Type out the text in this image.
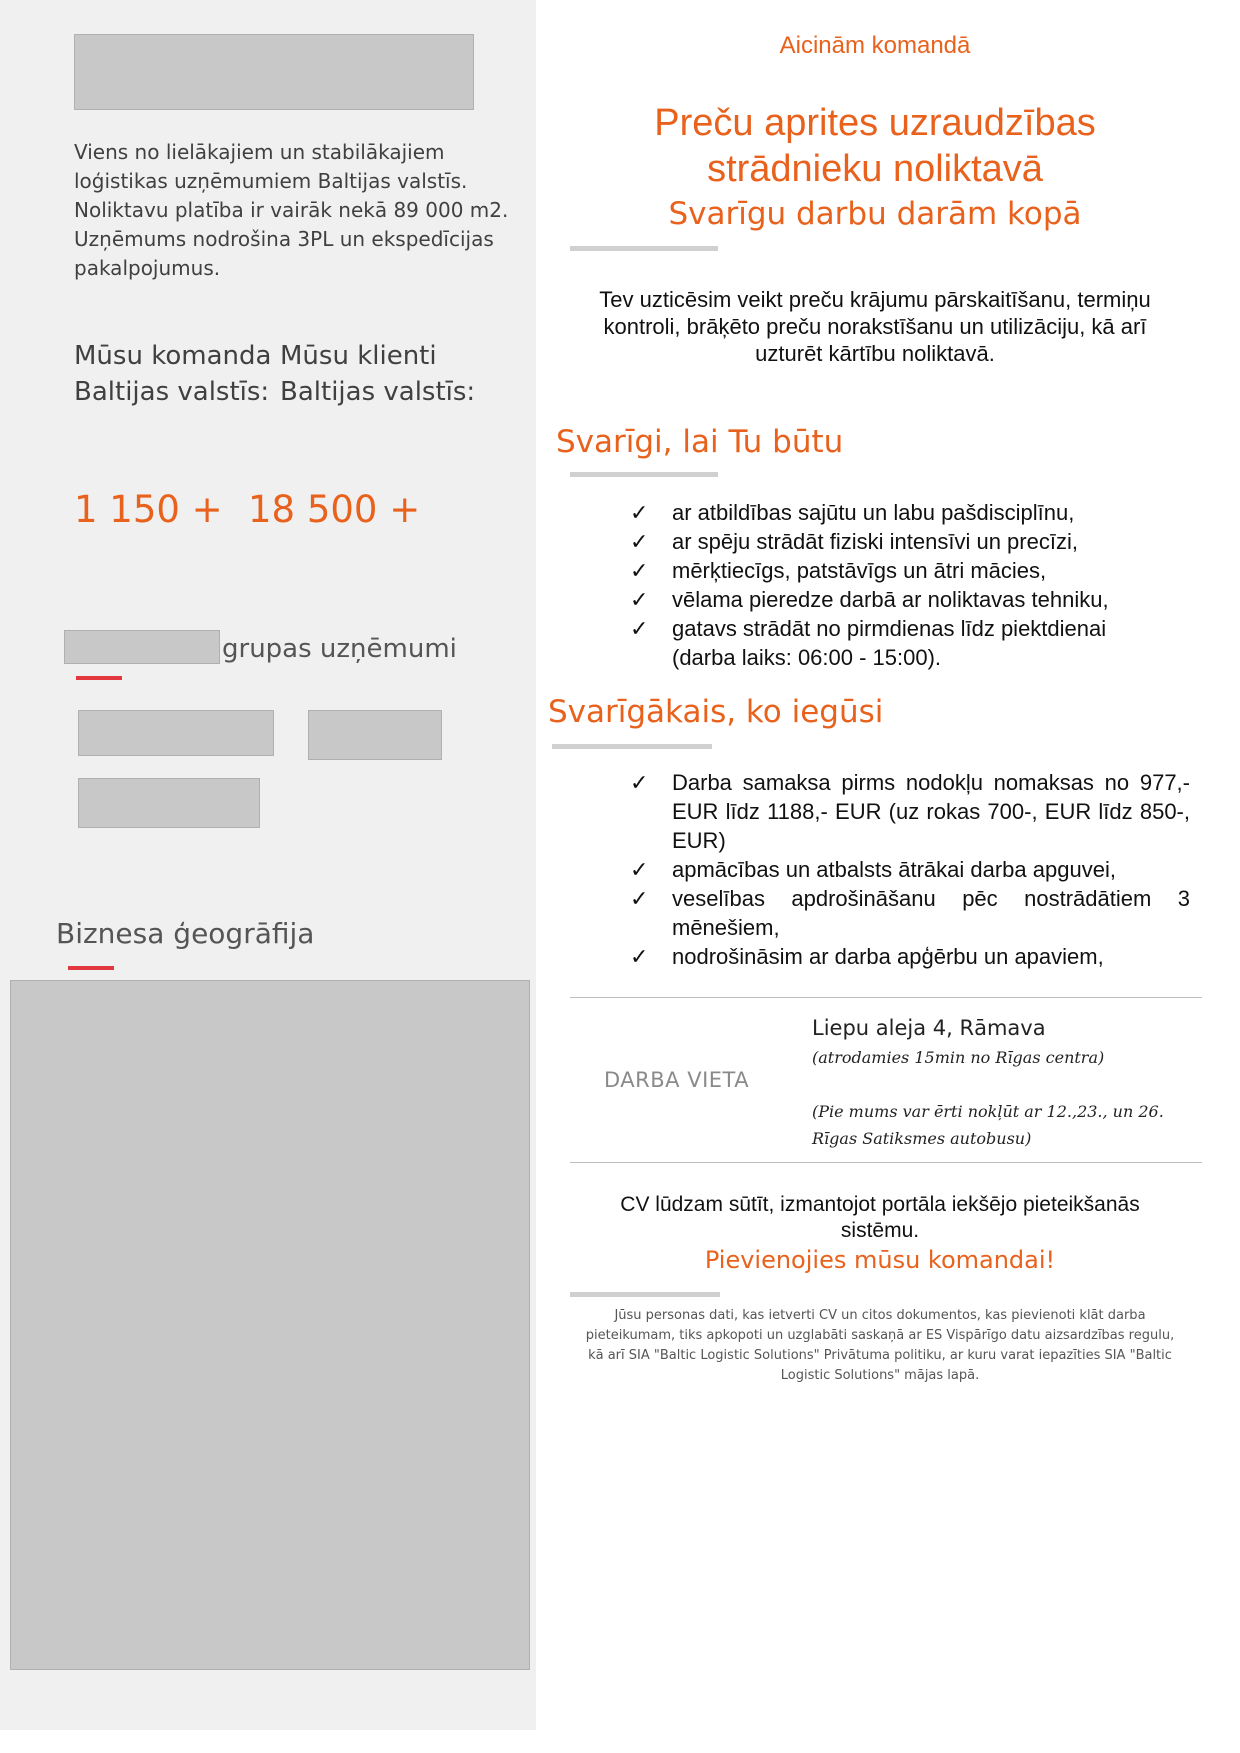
Viens no lielākajiem un stabilākajiem
loģistikas uzņēmumiem Baltijas valstīs.
Noliktavu platība ir vairāk nekā 89 000 m2.
Uzņēmums nodrošina 3PL un ekspedīcijas
pakalpojumus.
Mūsu komanda
Baltijas valstīs:
Mūsu klienti
Baltijas valstīs:
1 150 + 18 500 +
grupas uzņēmumi
Biznesa ģeogrāfija
Aicinām komandā
Preču aprites uzraudzības
strādnieku noliktavā
Svarīgu darbu darām kopā
Tev uzticēsim veikt preču krājumu pārskaitīšanu, termiņu
kontroli, brāķēto preču norakstīšanu un utilizāciju, kā arī
uzturēt kārtību noliktavā.
Svarīgi, lai Tu būtu
✓ ar atbildības sajūtu un labu pašdisciplīnu,
✓ ar spēju strādāt fiziski intensīvi un precīzi,
✓ mērķtiecīgs, patstāvīgs un ātri mācies,
✓ vēlama pieredze darbā ar noliktavas tehniku,
✓ gatavs strādāt no pirmdienas līdz piektdienai (darba laiks: 06:00 - 15:00).
Svarīgākais, ko iegūsi
✓ Darba samaksa pirms nodokļu nomaksas no 977,- EUR līdz 1188,- EUR (uz rokas 700-, EUR līdz 850-, EUR)
✓ apmācības un atbalsts ātrākai darba apguvei,
✓ veselības apdrošināšanu pēc nostrādātiem 3 mēnešiem,
✓ nodrošināsim ar darba apģērbu un apaviem,
DARBA VIETA
Liepu aleja 4, Rāmava
(atrodamies 15min no Rīgas centra)
(Pie mums var ērti nokļūt ar 12.,23., un 26.
Rīgas Satiksmes autobusu)
CV lūdzam sūtīt, izmantojot portāla iekšējo pieteikšanās
sistēmu.
Pievienojies mūsu komandai!
Jūsu personas dati, kas ietverti CV un citos dokumentos, kas pievienoti klāt darba
pieteikumam, tiks apkopoti un uzglabāti saskaņā ar ES Vispārīgo datu aizsardzības regulu,
kā arī SIA "Baltic Logistic Solutions" Privātuma politiku, ar kuru varat iepazīties SIA "Baltic
Logistic Solutions" mājas lapā.
